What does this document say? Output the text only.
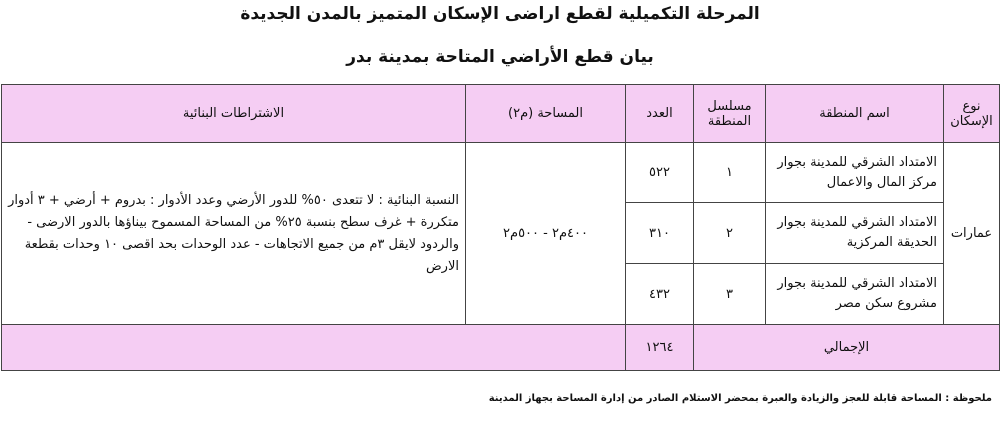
المرحلة التكميلية لقطع اراضى الإسكان المتميز بالمدن الجديدة
بيان قطع الأراضي المتاحة بمدينة بدر
نوع الإسكان	اسم المنطقة	مسلسل المنطقة	العدد	المساحة (م٢)	الاشتراطات البنائية
عمارات	الامتداد الشرقي للمدينة بجوار مركز المال والاعمال	١	٥٢٢	٤٠٠م٢ - ٥٠٠م٢	النسبة البنائية : لا تتعدى ٥٠% للدور الأرضي وعدد الأدوار : بدروم + أرضي + ٣ أدوار متكررة + غرف سطح بنسبة ٢٥% من المساحة المسموح بيناؤها بالدور الارضى - والردود لايقل ٣م من جميع الاتجاهات - عدد الوحدات بحد اقصى ١٠ وحدات بقطعة الارض
	الامتداد الشرقي للمدينة بجوار الحديقة المركزية	٢	٣١٠		
	الامتداد الشرقي للمدينة بجوار مشروع سكن مصر	٣	٤٣٢		
الإجمالي			١٢٦٤		
ملحوظة : المساحة قابلة للعجز والزيادة والعبرة بمحضر الاستلام الصادر من إدارة المساحة بجهاز المدينة
